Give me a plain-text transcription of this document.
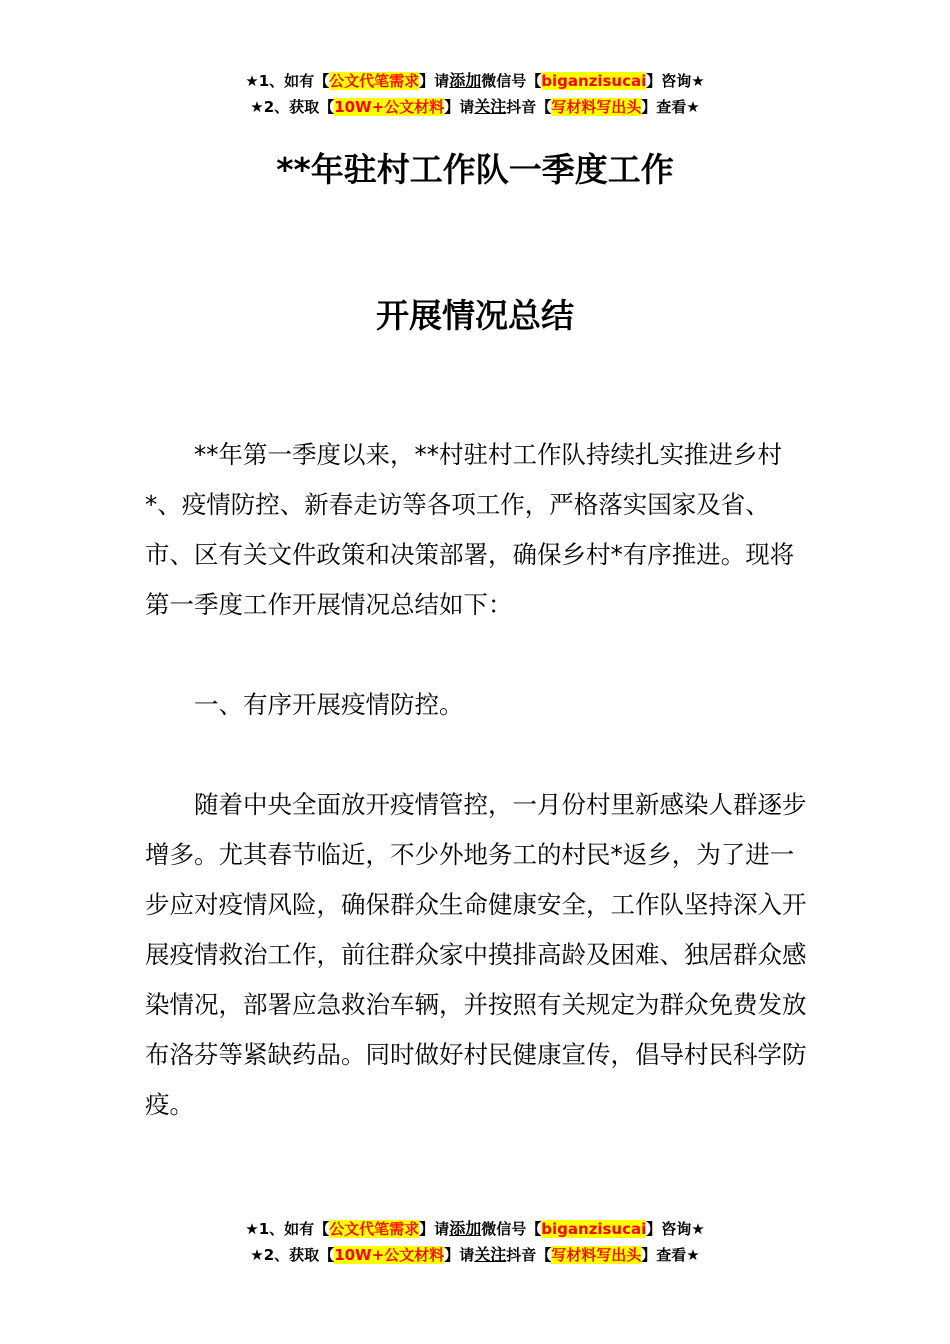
★1、如有【公文代笔需求】请添加微信号【biganzisucai】咨询★
★2、获取【10W+公文材料】请关注抖音【写材料写出头】查看★
**年驻村工作队一季度工作
开展情况总结

**年第一季度以来，**村驻村工作队持续扎实推进乡村*、疫情防控、新春走访等各项工作，严格落实国家及省、市、区有关文件政策和决策部署，确保乡村*有序推进。现将第一季度工作开展情况总结如下：

一、有序开展疫情防控。

随着中央全面放开疫情管控，一月份村里新感染人群逐步增多。尤其春节临近，不少外地务工的村民*返乡，为了进一步应对疫情风险，确保群众生命健康安全，工作队坚持深入开展疫情救治工作，前往群众家中摸排高龄及困难、独居群众感染情况，部署应急救治车辆，并按照有关规定为群众免费发放布洛芬等紧缺药品。同时做好村民健康宣传，倡导村民科学防疫。

★1、如有【公文代笔需求】请添加微信号【biganzisucai】咨询★
★2、获取【10W+公文材料】请关注抖音【写材料写出头】查看★
